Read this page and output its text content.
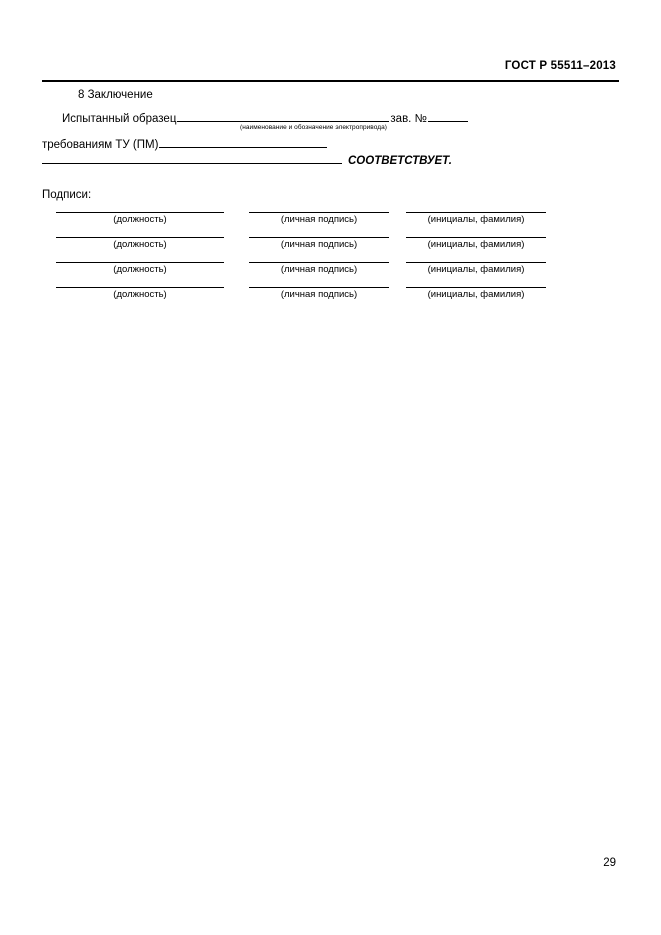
ГОСТ Р 55511–2013
8 Заключение
Испытанный образец	зав. №
(наименование и обозначение электропривода)
требованиям ТУ (ПМ)
СООТВЕТСТВУЕТ.
Подписи:
(должность)	(личная подпись)	(инициалы, фамилия)
(должность)	(личная подпись)	(инициалы, фамилия)
(должность)	(личная подпись)	(инициалы, фамилия)
(должность)	(личная подпись)	(инициалы, фамилия)
29
